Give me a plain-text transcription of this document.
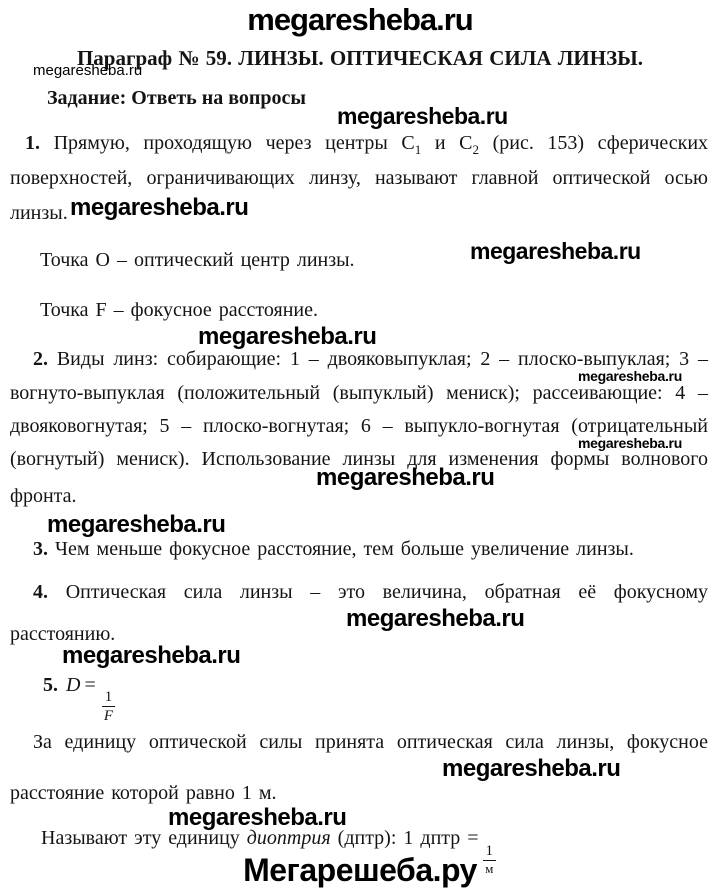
megaresheba.ru
Параграф № 59. ЛИНЗЫ. ОПТИЧЕСКАЯ СИЛА ЛИНЗЫ.
megaresheba.ru
Задание: Ответь на вопросы
megaresheba.ru
1. Прямую, проходящую через центры $C_1$ и $C_2$ (рис. 153) сферических
поверхностей, ограничивающих линзу, называют главной оптической осью
линзы. megaresheba.ru
Точка O – оптический центр линзы.	megaresheba.ru
Точка F – фокусное расстояние.
megaresheba.ru
2. Виды линз: собирающие: 1 – двояковыпуклая; 2 – плоско-выпуклая; 3 –
megaresheba.ru
вогнуто-выпуклая (положительный (выпуклый) мениск); рассеивающие: 4 –
двояковогнутая; 5 – плоско-вогнутая; 6 – выпукло-вогнутая (отрицательный
megaresheba.ru
(вогнутый) мениск). Использование линзы для изменения формы волнового
megaresheba.ru
фронта.
megaresheba.ru
3. Чем меньше фокусное расстояние, тем больше увеличение линзы.
4. Оптическая сила линзы – это величина, обратная её фокусному
megaresheba.ru
расстоянию.
megaresheba.ru
5. D =
$\frac{1}{F}$
За единицу оптической силы принята оптическая сила линзы, фокусное
megaresheba.ru
расстояние которой равно 1 м.
megaresheba.ru
Называют эту единицу диоптрия (дптр): 1 дптр =
$\frac{1}{м}$
Мегарешеба.ру
